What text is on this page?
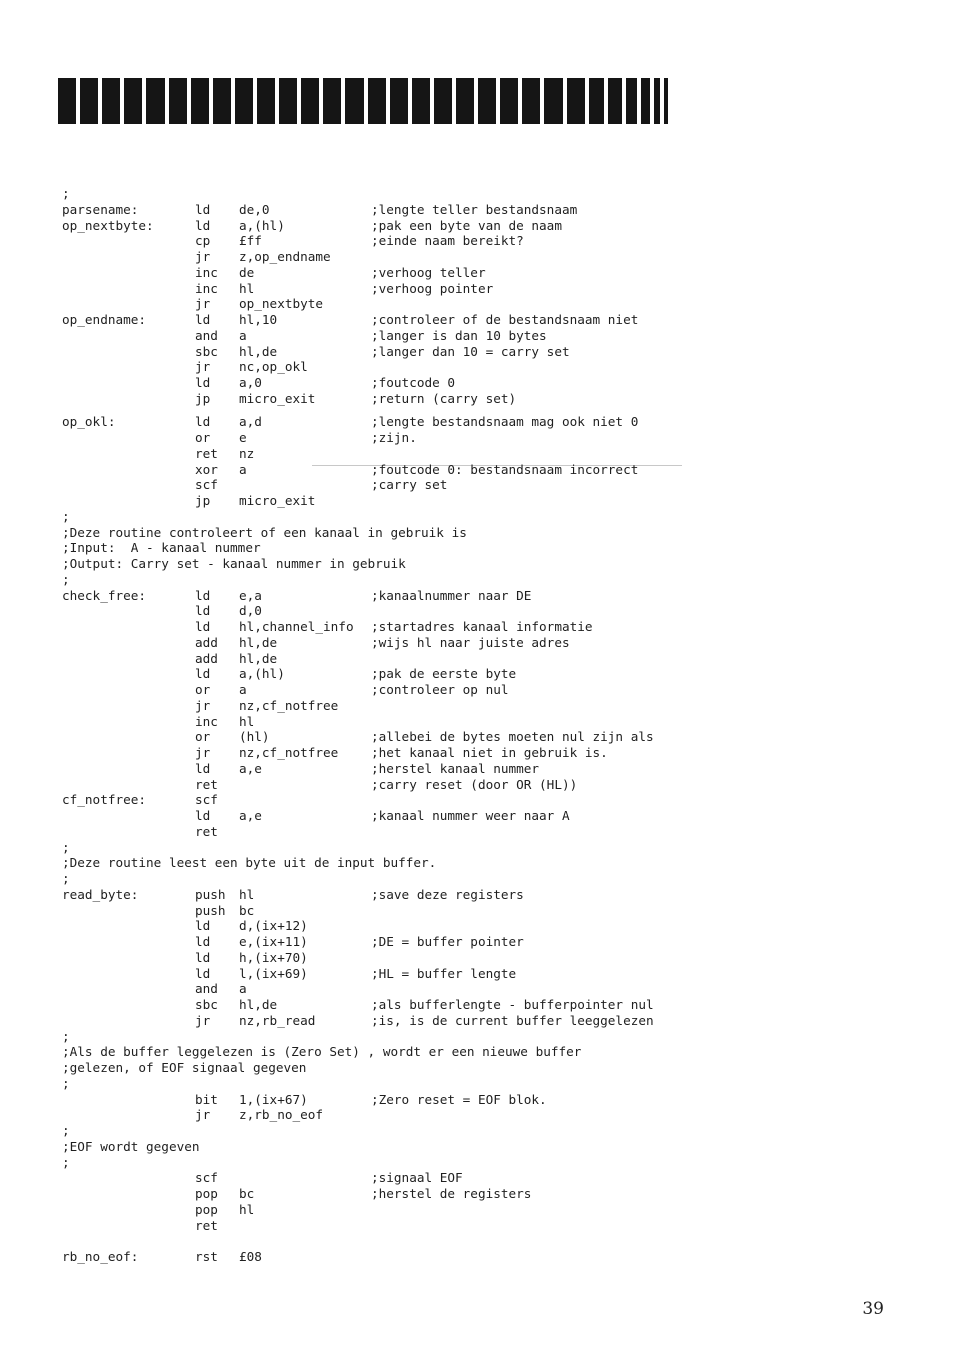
;
parsename:	ld de,0	;lengte teller bestandsnaam
op_nextbyte:	ld a,(hl)	;pak een byte van de naam
cp £ff	;einde naam bereikt?
jr z,op_endname
inc de	;verhoog teller
inc hl	;verhoog pointer
jr op_nextbyte
op_endname:	ld hl,10	;controleer of de bestandsnaam niet
and a	;langer is dan 10 bytes
sbc hl,de	;langer dan 10 = carry set
jr nc,op_okl
ld a,0	;foutcode 0
jp micro_exit	;return (carry set)
op_okl:	ld a,d	;lengte bestandsnaam mag ook niet 0
or e	;zijn.
ret nz
xor a	;foutcode 0: bestandsnaam incorrect
scf	;carry set
jp micro_exit
;
;Deze routine controleert of een kanaal in gebruik is
;Input:  A - kanaal nummer
;Output: Carry set - kanaal nummer in gebruik
;
check_free:	ld e,a	;kanaalnummer naar DE
ld d,0
ld hl,channel_info ;startadres kanaal informatie
add hl,de	;wijs hl naar juiste adres
add hl,de
ld a,(hl)	;pak de eerste byte
or a	;controleer op nul
jr nz,cf_notfree
inc hl
or (hl)	;allebei de bytes moeten nul zijn als
jr nz,cf_notfree	;het kanaal niet in gebruik is.
ld a,e	;herstel kanaal nummer
ret	;carry reset (door OR (HL))
cf_notfree:	scf
ld a,e	;kanaal nummer weer naar A
ret
;
;Deze routine leest een byte uit de input buffer.
;
read_byte:	push hl	;save deze registers
push bc
ld d,(ix+12)
ld e,(ix+11)	;DE = buffer pointer
ld h,(ix+70)
ld l,(ix+69)	;HL = buffer lengte
and a
sbc hl,de	;als bufferlengte - bufferpointer nul
jr nz,rb_read	;is, is de current buffer leeggelezen
;
;Als de buffer leggelezen is (Zero Set) , wordt er een nieuwe buffer
;gelezen, of EOF signaal gegeven
;
bit 1,(ix+67)	;Zero reset = EOF blok.
jr z,rb_no_eof
;
;EOF wordt gegeven
;
scf	;signaal EOF
pop bc	;herstel de registers
pop hl
ret
rb_no_eof:	rst £08
39
